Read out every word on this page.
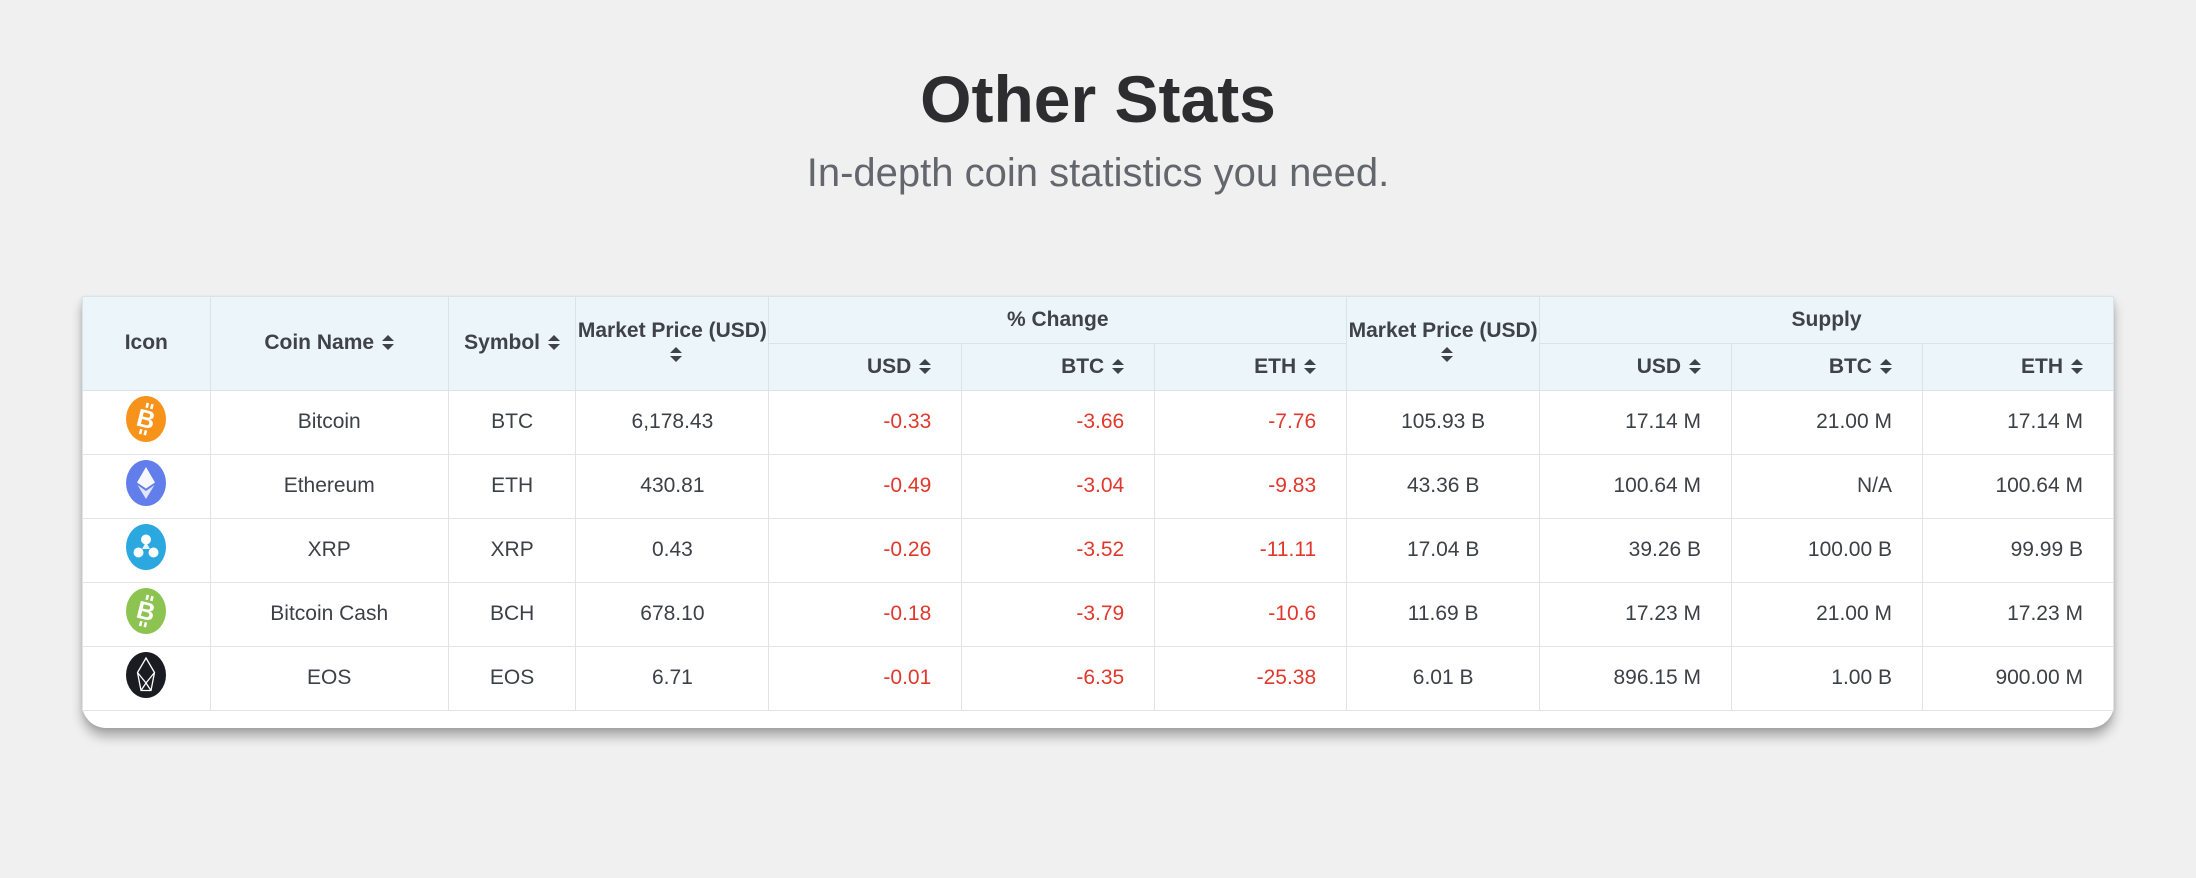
Other Stats
In-depth coin statistics you need.
Icon	Coin Name	Symbol	Market Price (USD)	% Change			Market Price (USD)	Supply		
				USD	BTC	ETH		USD	BTC	ETH

B	Bitcoin	BTC	6,178.43	-0.33	-3.66	-7.76	105.93 B	17.14 M	21.00 M	17.14 M

	Ethereum	ETH	430.81	-0.49	-3.04	-9.83	43.36 B	100.64 M	N/A	100.64 M

	XRP	XRP	0.43	-0.26	-3.52	-11.11	17.04 B	39.26 B	100.00 B	99.99 B

B	Bitcoin Cash	BCH	678.10	-0.18	-3.79	-10.6	11.69 B	17.23 M	21.00 M	17.23 M

	EOS	EOS	6.71	-0.01	-6.35	-25.38	6.01 B	896.15 M	1.00 B	900.00 M
